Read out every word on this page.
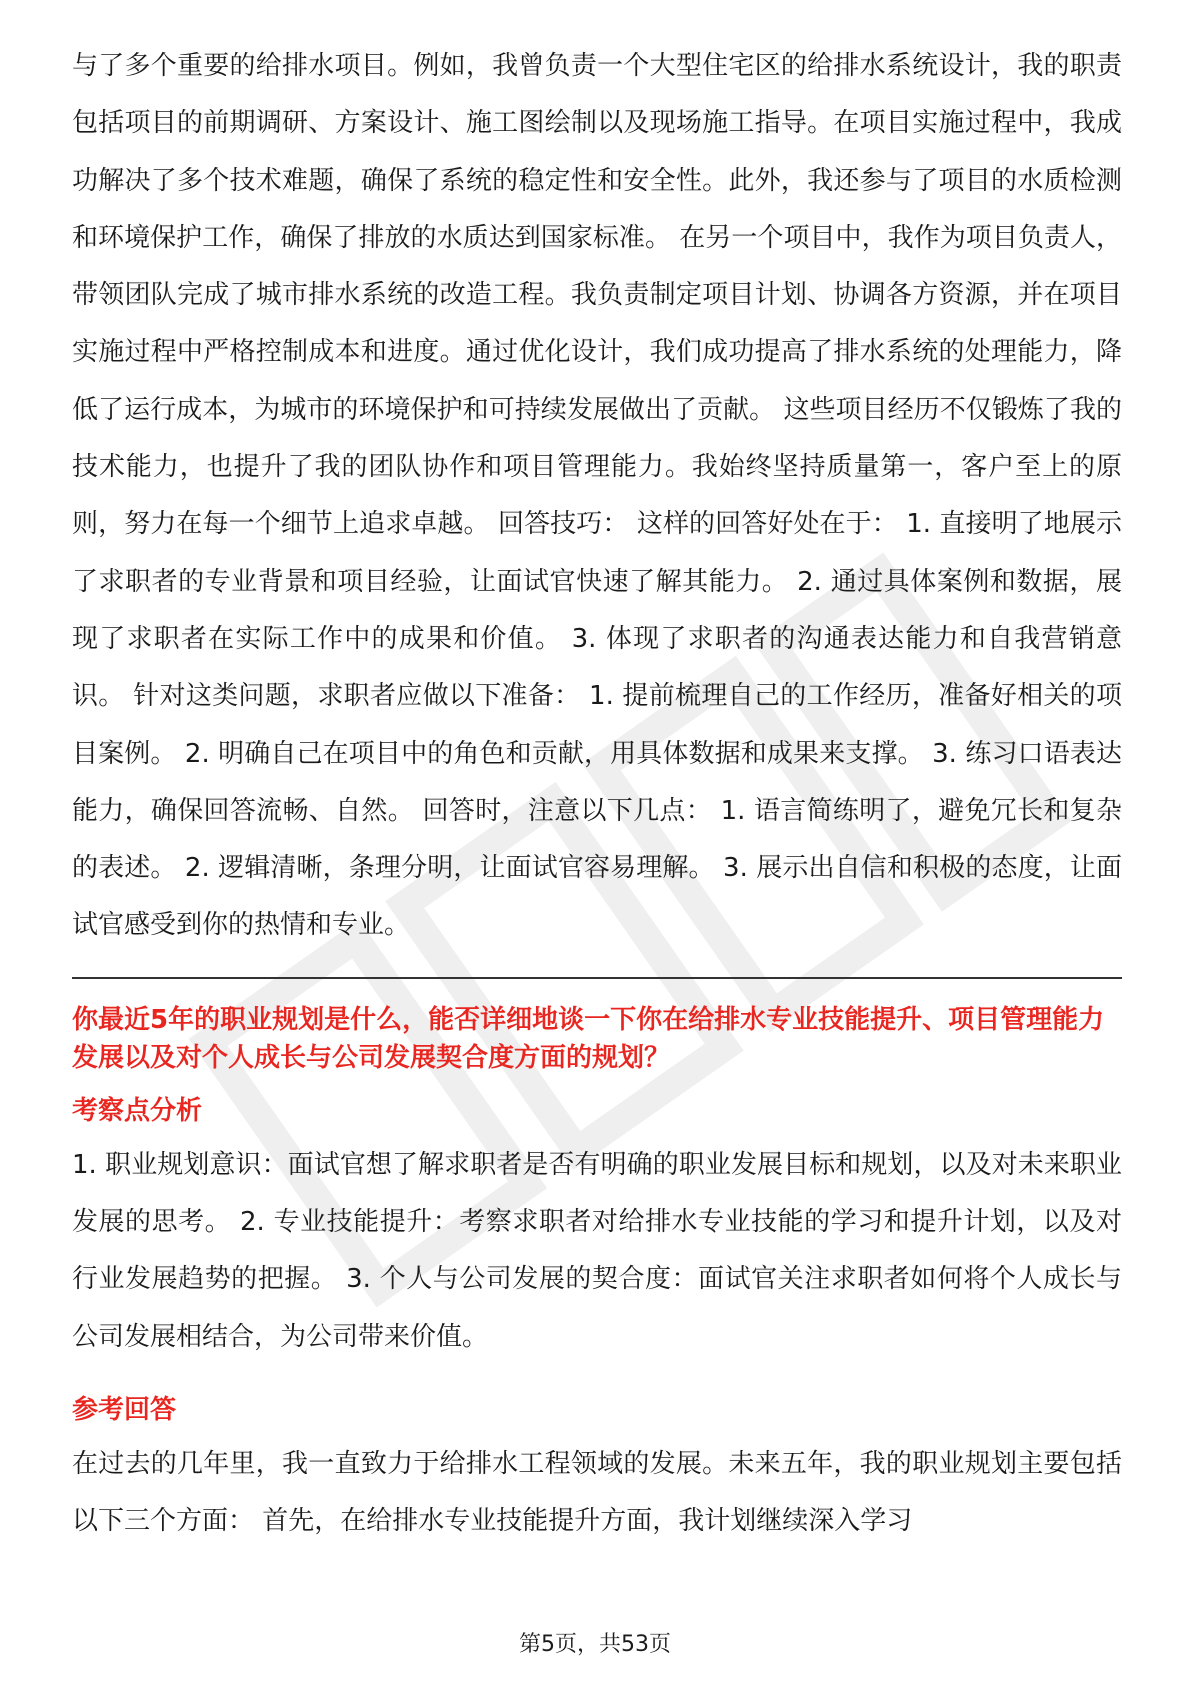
与了多个重要的给排水项目。例如，我曾负责一个大型住宅区的给排水系统设计，我的职责包括项目的前期调研、方案设计、施工图绘制以及现场施工指导。在项目实施过程中，我成功解决了多个技术难题，确保了系统的稳定性和安全性。此外，我还参与了项目的水质检测和环境保护工作，确保了排放的水质达到国家标准。 在另一个项目中，我作为项目负责人，带领团队完成了城市排水系统的改造工程。我负责制定项目计划、协调各方资源，并在项目实施过程中严格控制成本和进度。通过优化设计，我们成功提高了排水系统的处理能力，降低了运行成本，为城市的环境保护和可持续发展做出了贡献。 这些项目经历不仅锻炼了我的技术能力，也提升了我的团队协作和项目管理能力。我始终坚持质量第一，客户至上的原则，努力在每一个细节上追求卓越。 回答技巧： 这样的回答好处在于： 1. 直接明了地展示了求职者的专业背景和项目经验，让面试官快速了解其能力。 2. 通过具体案例和数据，展现了求职者在实际工作中的成果和价值。 3. 体现了求职者的沟通表达能力和自我营销意识。 针对这类问题，求职者应做以下准备： 1. 提前梳理自己的工作经历，准备好相关的项目案例。 2. 明确自己在项目中的角色和贡献，用具体数据和成果来支撑。 3. 练习口语表达能力，确保回答流畅、自然。 回答时，注意以下几点： 1. 语言简练明了，避免冗长和复杂的表述。 2. 逻辑清晰，条理分明，让面试官容易理解。 3. 展示出自信和积极的态度，让面试官感受到你的热情和专业。

你最近5年的职业规划是什么，能否详细地谈一下你在给排水专业技能提升、项目管理能力发展以及对个人成长与公司发展契合度方面的规划？

考察点分析

1. 职业规划意识：面试官想了解求职者是否有明确的职业发展目标和规划，以及对未来职业发展的思考。 2. 专业技能提升：考察求职者对给排水专业技能的学习和提升计划，以及对行业发展趋势的把握。 3. 个人与公司发展的契合度：面试官关注求职者如何将个人成长与公司发展相结合，为公司带来价值。

参考回答

在过去的几年里，我一直致力于给排水工程领域的发展。未来五年，我的职业规划主要包括以下三个方面： 首先，在给排水专业技能提升方面，我计划继续深入学习

第5页，共53页
